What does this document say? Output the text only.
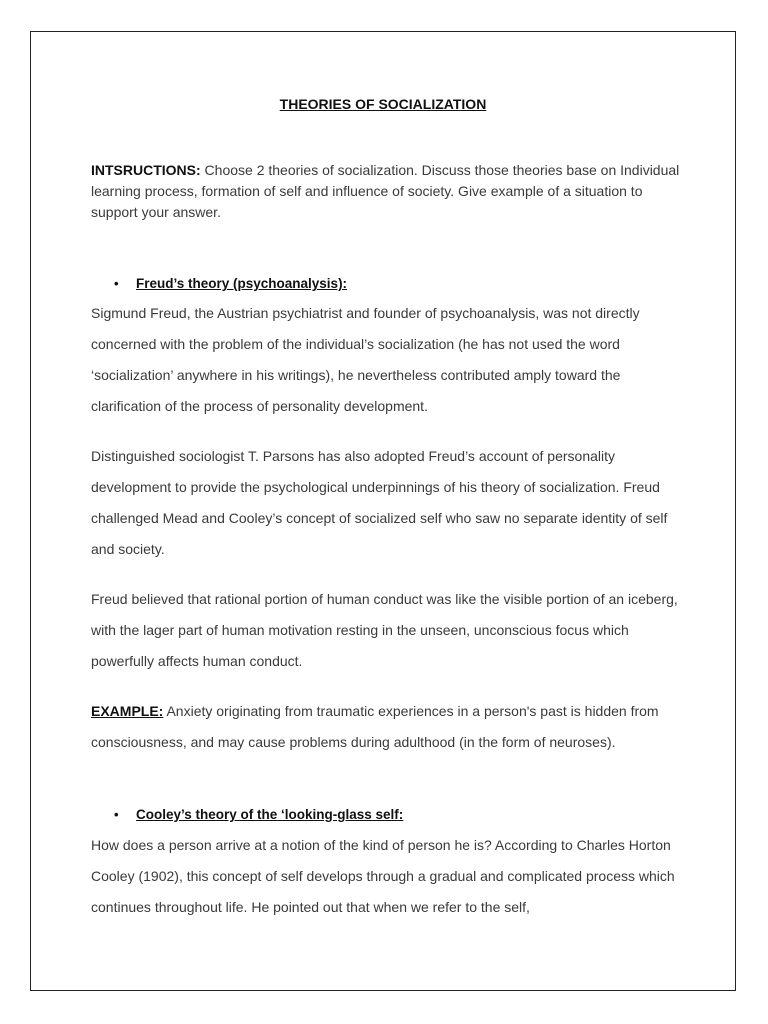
THEORIES OF SOCIALIZATION
INTSRUCTIONS: Choose 2 theories of socialization. Discuss those theories base on Individual learning process, formation of self and influence of society. Give example of a situation to support your answer.
• Freud’s theory (psychoanalysis):
Sigmund Freud, the Austrian psychiatrist and founder of psychoanalysis, was not directly concerned with the problem of the individual’s socialization (he has not used the word ‘socialization’ anywhere in his writings), he nevertheless contributed amply toward the clarification of the process of personality development.
Distinguished sociologist T. Parsons has also adopted Freud’s account of personality development to provide the psychological underpinnings of his theory of socialization. Freud challenged Mead and Cooley’s concept of socialized self who saw no separate identity of self and society.
Freud believed that rational portion of human conduct was like the visible portion of an iceberg, with the lager part of human motivation resting in the unseen, unconscious focus which powerfully affects human conduct.
EXAMPLE: Anxiety originating from traumatic experiences in a person's past is hidden from consciousness, and may cause problems during adulthood (in the form of neuroses).
• Cooley’s theory of the ‘looking-glass self:
How does a person arrive at a notion of the kind of person he is? According to Charles Horton Cooley (1902), this concept of self develops through a gradual and complicated process which continues throughout life. He pointed out that when we refer to the self,
